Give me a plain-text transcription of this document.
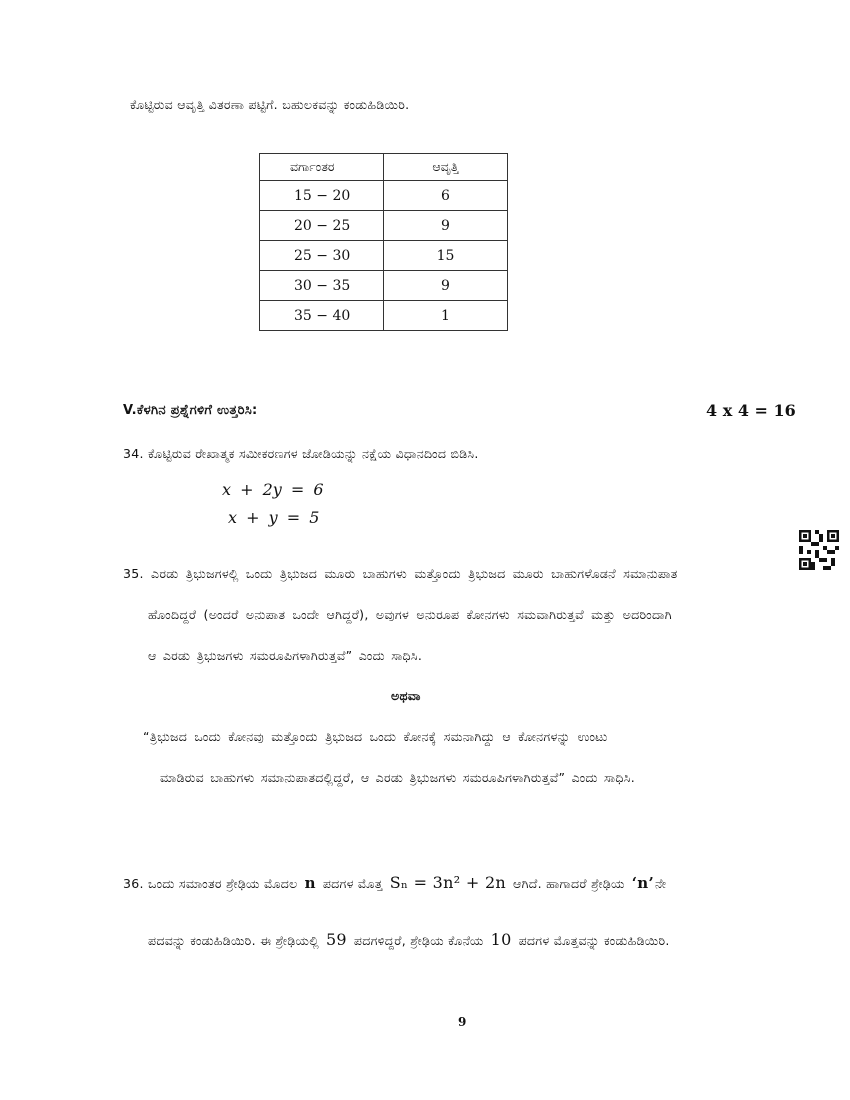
ಕೊಟ್ಟಿರುವ ಆವೃತ್ತಿ ವಿತರಣಾ ಪಟ್ಟಿಗೆ. ಬಹುಲಕವನ್ನು ಕಂಡುಹಿಡಿಯಿರಿ.
ವರ್ಗಾಂತರ	ಆವೃತ್ತಿ
15 − 20	6
20 − 25	9
25 − 30	15
30 − 35	9
35 − 40	1
V.ಕೆಳಗಿನ ಪ್ರಶ್ನೆಗಳಿಗೆ ಉತ್ತರಿಸಿ:	4 x 4 = 16
34. ಕೊಟ್ಟಿರುವ ರೇಖಾತ್ಮಕ ಸಮೀಕರಣಗಳ ಜೋಡಿಯನ್ನು ನಕ್ಷೆಯ ವಿಧಾನದಿಂದ ಬಿಡಿಸಿ.
x + 2y = 6
x + y = 5
35. ಎರಡು ತ್ರಿಭುಜಗಳಲ್ಲಿ ಒಂದು ತ್ರಿಭುಜದ ಮೂರು ಬಾಹುಗಳು ಮತ್ತೊಂದು ತ್ರಿಭುಜದ ಮೂರು ಬಾಹುಗಳೊಡನೆ ಸಮಾನುಪಾತ
ಹೊಂದಿದ್ದರೆ (ಅಂದರೆ ಅನುಪಾತ ಒಂದೇ ಆಗಿದ್ದರೆ), ಅವುಗಳ ಅನುರೂಪ ಕೋನಗಳು ಸಮವಾಗಿರುತ್ತವೆ ಮತ್ತು ಅದರಿಂದಾಗಿ
ಆ ಎರಡು ತ್ರಿಭುಜಗಳು ಸಮರೂಪಿಗಳಾಗಿರುತ್ತವೆ” ಎಂದು ಸಾಧಿಸಿ.
ಅಥವಾ
“ತ್ರಿಭುಜದ ಒಂದು ಕೋನವು ಮತ್ತೊಂದು ತ್ರಿಭುಜದ ಒಂದು ಕೋನಕ್ಕೆ ಸಮನಾಗಿದ್ದು ಆ ಕೋನಗಳನ್ನು ಉಂಟು
ಮಾಡಿರುವ ಬಾಹುಗಳು ಸಮಾನುಪಾತದಲ್ಲಿದ್ದರೆ, ಆ ಎರಡು ತ್ರಿಭುಜಗಳು ಸಮರೂಪಿಗಳಾಗಿರುತ್ತವೆ” ಎಂದು ಸಾಧಿಸಿ.
36. ಒಂದು ಸಮಾಂತರ ಶ್ರೇಢಿಯ ಮೊದಲ n ಪದಗಳ ಮೊತ್ತ Sₙ = 3n² + 2n ಆಗಿದೆ. ಹಾಗಾದರೆ ಶ್ರೇಢಿಯ ‘n’ ನೇ
ಪದವನ್ನು ಕಂಡುಹಿಡಿಯಿರಿ. ಈ ಶ್ರೇಢಿಯಲ್ಲಿ 59 ಪದಗಳಿದ್ದರೆ, ಶ್ರೇಢಿಯ ಕೊನೆಯ 10 ಪದಗಳ ಮೊತ್ತವನ್ನು ಕಂಡುಹಿಡಿಯಿರಿ.
9
